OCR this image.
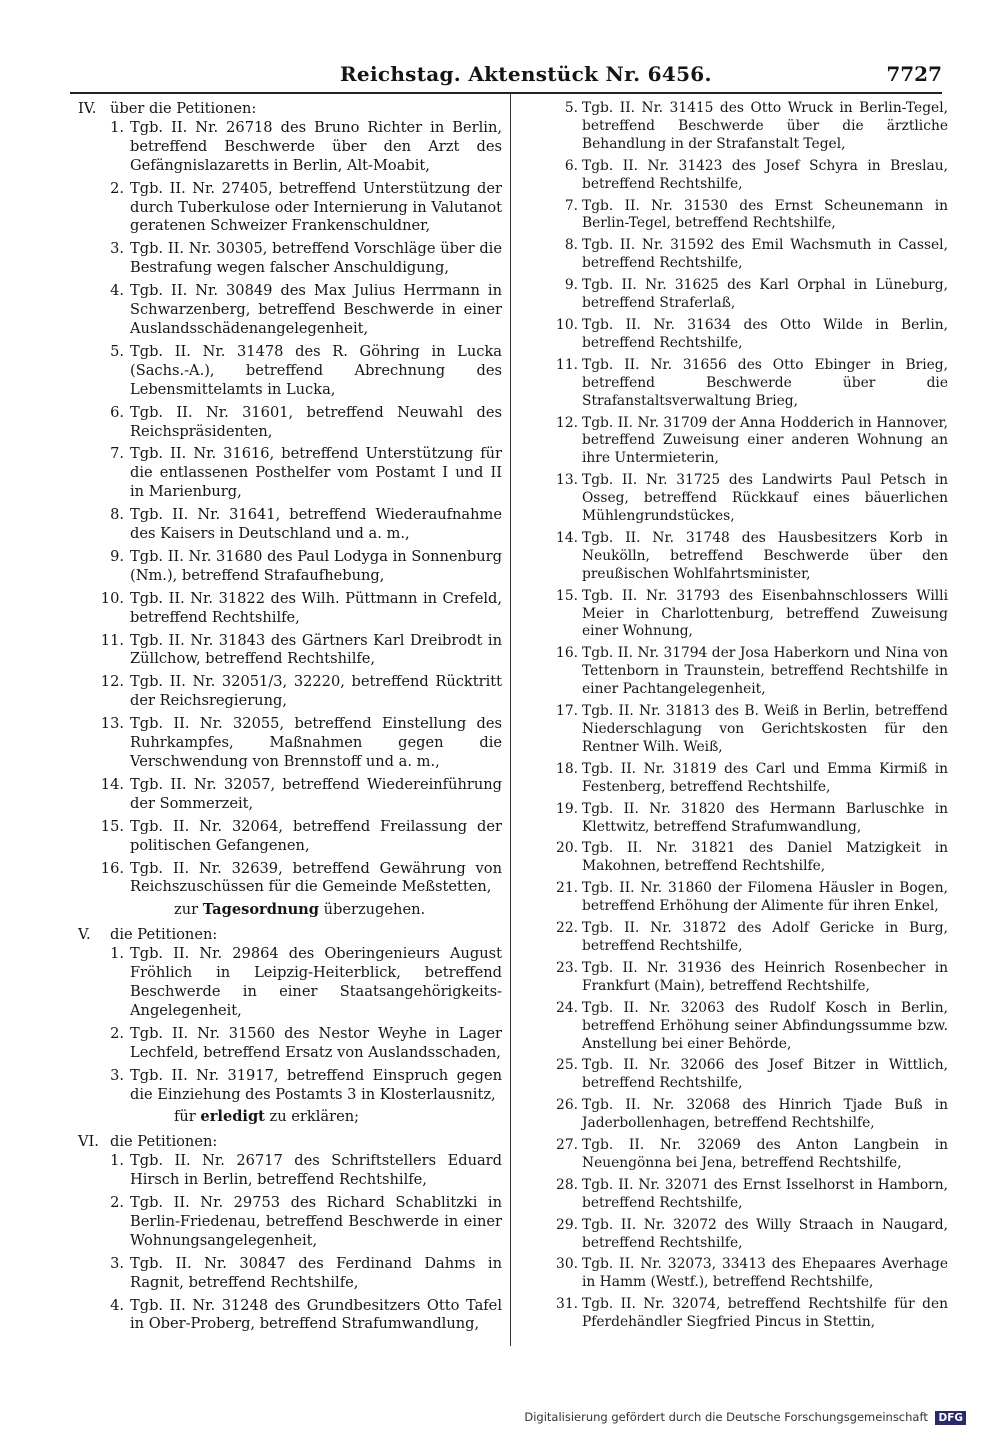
Reichstag. Aktenstück Nr. 6456.	7727
IV. über die Petitionen:
1. Tgb. II. Nr. 26718 des Bruno Richter in Berlin, betreffend Beschwerde über den Arzt des Gefängnislazaretts in Berlin, Alt-Moabit,
2. Tgb. II. Nr. 27405, betreffend Unterstützung der durch Tuberkulose oder Internierung in Valutanot geratenen Schweizer Frankenschuldner,
3. Tgb. II. Nr. 30305, betreffend Vorschläge über die Bestrafung wegen falscher Anschuldigung,
4. Tgb. II. Nr. 30849 des Max Julius Herrmann in Schwarzenberg, betreffend Beschwerde in einer Auslandsschädenangelegenheit,
5. Tgb. II. Nr. 31478 des R. Göhring in Lucka (Sachs.-A.), betreffend Abrechnung des Lebensmittelamts in Lucka,
6. Tgb. II. Nr. 31601, betreffend Neuwahl des Reichspräsidenten,
7. Tgb. II. Nr. 31616, betreffend Unterstützung für die entlassenen Posthelfer vom Postamt I und II in Marienburg,
8. Tgb. II. Nr. 31641, betreffend Wiederaufnahme des Kaisers in Deutschland und a. m.,
9. Tgb. II. Nr. 31680 des Paul Lodyga in Sonnenburg (Nm.), betreffend Strafaufhebung,
10. Tgb. II. Nr. 31822 des Wilh. Püttmann in Crefeld, betreffend Rechtshilfe,
11. Tgb. II. Nr. 31843 des Gärtners Karl Dreibrodt in Züllchow, betreffend Rechtshilfe,
12. Tgb. II. Nr. 32051/3, 32220, betreffend Rücktritt der Reichsregierung,
13. Tgb. II. Nr. 32055, betreffend Einstellung des Ruhrkampfes, Maßnahmen gegen die Verschwendung von Brennstoff und a. m.,
14. Tgb. II. Nr. 32057, betreffend Wiedereinführung der Sommerzeit,
15. Tgb. II. Nr. 32064, betreffend Freilassung der politischen Gefangenen,
16. Tgb. II. Nr. 32639, betreffend Gewährung von Reichszuschüssen für die Gemeinde Meßstetten,
zur Tagesordnung überzugehen.
V. die Petitionen:
1. Tgb. II. Nr. 29864 des Oberingenieurs August Fröhlich in Leipzig-Heiterblick, betreffend Beschwerde in einer Staatsangehörigkeits-Angelegenheit,
2. Tgb. II. Nr. 31560 des Nestor Weyhe in Lager Lechfeld, betreffend Ersatz von Auslandsschaden,
3. Tgb. II. Nr. 31917, betreffend Einspruch gegen die Einziehung des Postamts 3 in Klosterlausnitz,
für erledigt zu erklären;
VI. die Petitionen:
1. Tgb. II. Nr. 26717 des Schriftstellers Eduard Hirsch in Berlin, betreffend Rechtshilfe,
2. Tgb. II. Nr. 29753 des Richard Schablitzki in Berlin-Friedenau, betreffend Beschwerde in einer Wohnungsangelegenheit,
3. Tgb. II. Nr. 30847 des Ferdinand Dahms in Ragnit, betreffend Rechtshilfe,
4. Tgb. II. Nr. 31248 des Grundbesitzers Otto Tafel in Ober-Proberg, betreffend Strafumwandlung,
5. Tgb. II. Nr. 31415 des Otto Wruck in Berlin-Tegel, betreffend Beschwerde über die ärztliche Behandlung in der Strafanstalt Tegel,
6. Tgb. II. Nr. 31423 des Josef Schyra in Breslau, betreffend Rechtshilfe,
7. Tgb. II. Nr. 31530 des Ernst Scheunemann in Berlin-Tegel, betreffend Rechtshilfe,
8. Tgb. II. Nr. 31592 des Emil Wachsmuth in Cassel, betreffend Rechtshilfe,
9. Tgb. II. Nr. 31625 des Karl Orphal in Lüneburg, betreffend Straferlaß,
10. Tgb. II. Nr. 31634 des Otto Wilde in Berlin, betreffend Rechtshilfe,
11. Tgb. II. Nr. 31656 des Otto Ebinger in Brieg, betreffend Beschwerde über die Strafanstaltsverwaltung Brieg,
12. Tgb. II. Nr. 31709 der Anna Hodderich in Hannover, betreffend Zuweisung einer anderen Wohnung an ihre Untermieterin,
13. Tgb. II. Nr. 31725 des Landwirts Paul Petsch in Osseg, betreffend Rückkauf eines bäuerlichen Mühlengrundstückes,
14. Tgb. II. Nr. 31748 des Hausbesitzers Korb in Neukölln, betreffend Beschwerde über den preußischen Wohlfahrtsminister,
15. Tgb. II. Nr. 31793 des Eisenbahnschlossers Willi Meier in Charlottenburg, betreffend Zuweisung einer Wohnung,
16. Tgb. II. Nr. 31794 der Josa Haberkorn und Nina von Tettenborn in Traunstein, betreffend Rechtshilfe in einer Pachtangelegenheit,
17. Tgb. II. Nr. 31813 des B. Weiß in Berlin, betreffend Niederschlagung von Gerichtskosten für den Rentner Wilh. Weiß,
18. Tgb. II. Nr. 31819 des Carl und Emma Kirmiß in Festenberg, betreffend Rechtshilfe,
19. Tgb. II. Nr. 31820 des Hermann Barluschke in Klettwitz, betreffend Strafumwandlung,
20. Tgb. II. Nr. 31821 des Daniel Matzigkeit in Makohnen, betreffend Rechtshilfe,
21. Tgb. II. Nr. 31860 der Filomena Häusler in Bogen, betreffend Erhöhung der Alimente für ihren Enkel,
22. Tgb. II. Nr. 31872 des Adolf Gericke in Burg, betreffend Rechtshilfe,
23. Tgb. II. Nr. 31936 des Heinrich Rosenbecher in Frankfurt (Main), betreffend Rechtshilfe,
24. Tgb. II. Nr. 32063 des Rudolf Kosch in Berlin, betreffend Erhöhung seiner Abfindungssumme bzw. Anstellung bei einer Behörde,
25. Tgb. II. Nr. 32066 des Josef Bitzer in Wittlich, betreffend Rechtshilfe,
26. Tgb. II. Nr. 32068 des Hinrich Tjade Buß in Jaderbollenhagen, betreffend Rechtshilfe,
27. Tgb. II. Nr. 32069 des Anton Langbein in Neuengönna bei Jena, betreffend Rechtshilfe,
28. Tgb. II. Nr. 32071 des Ernst Isselhorst in Hamborn, betreffend Rechtshilfe,
29. Tgb. II. Nr. 32072 des Willy Straach in Naugard, betreffend Rechtshilfe,
30. Tgb. II. Nr. 32073, 33413 des Ehepaares Averhage in Hamm (Westf.), betreffend Rechtshilfe,
31. Tgb. II. Nr. 32074, betreffend Rechtshilfe für den Pferdehändler Siegfried Pincus in Stettin,
Digitalisierung gefördert durch die Deutsche Forschungsgemeinschaft DFG
